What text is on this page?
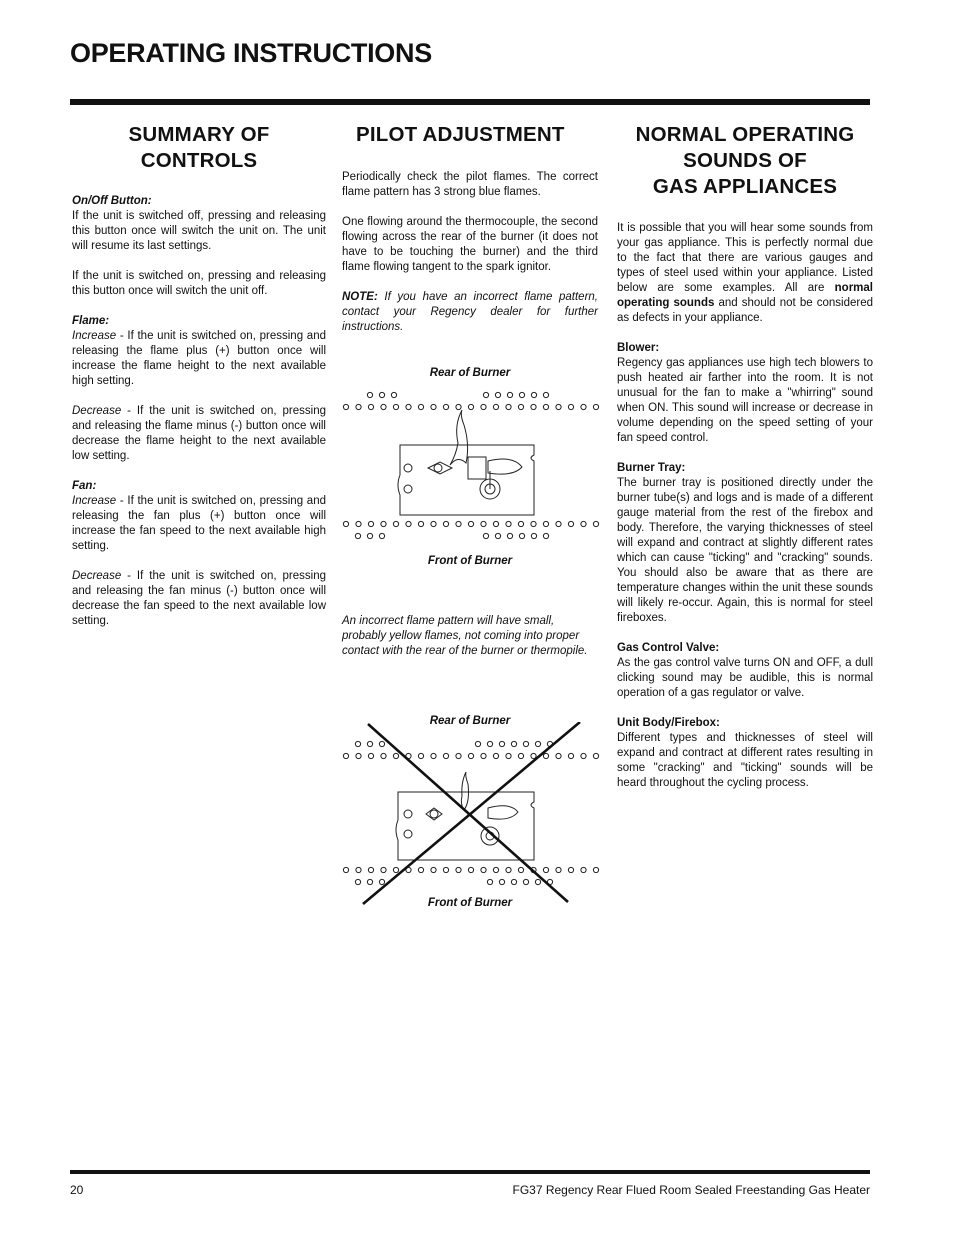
OPERATING INSTRUCTIONS
SUMMARY OF
CONTROLS
On/Off Button:

If the unit is switched off, pressing and releasing this button once will switch the unit on. The unit will resume its last settings.

If the unit is switched on, pressing and releasing this button once will switch the unit off.

Flame:

Increase - If the unit is switched on, pressing and releasing the flame plus (+) button once will increase the flame height to the next available high setting.

Decrease - If the unit is switched on, pressing and releasing the flame minus (-) button once will decrease the flame height to the next available low setting.

Fan:

Increase - If the unit is switched on, pressing and releasing the fan plus (+) button once will increase the fan speed to the next available high setting.

Decrease - If the unit is switched on, pressing and releasing the fan minus (-) button once will decrease the fan speed to the next available low setting.

PILOT ADJUSTMENT

Periodically check the pilot flames. The correct flame pattern has 3 strong blue flames.

One flowing around the thermocouple, the second flowing across the rear of the burner (it does not have to be touching the burner) and the third flame flowing tangent to the spark ignitor.

NOTE: If you have an incorrect flame pattern, contact your Regency dealer for further instructions.

Rear of Burner
Front of Burner

An incorrect flame pattern will have small, probably yellow flames, not coming into proper contact with the rear of the burner or thermopile.

Rear of Burner
Front of Burner
NORMAL OPERATING
SOUNDS OF
GAS APPLIANCES

It is possible that you will hear some sounds from your gas appliance. This is perfectly normal due to the fact that there are various gauges and types of steel used within your appliance. Listed below are some examples. All are normal operating sounds and should not be considered as defects in your appliance.

Blower:

Regency gas appliances use high tech blowers to push heated air farther into the room. It is not unusual for the fan to make a "whirring" sound when ON. This sound will increase or decrease in volume depending on the speed setting of your fan speed control.

Burner Tray:

The burner tray is positioned directly under the burner tube(s) and logs and is made of a different gauge material from the rest of the firebox and body. Therefore, the varying thicknesses of steel will expand and contract at slightly different rates which can cause "ticking" and "cracking" sounds. You should also be aware that as there are temperature changes within the unit these sounds will likely re-occur. Again, this is normal for steel fireboxes.

Gas Control Valve:

As the gas control valve turns ON and OFF, a dull clicking sound may be audible, this is normal operation of a gas regulator or valve.

Unit Body/Firebox:

Different types and thicknesses of steel will expand and contract at different rates resulting in some "cracking" and "ticking" sounds will be heard throughout the cycling process.

20	FG37 Regency Rear Flued Room Sealed Freestanding Gas Heater
